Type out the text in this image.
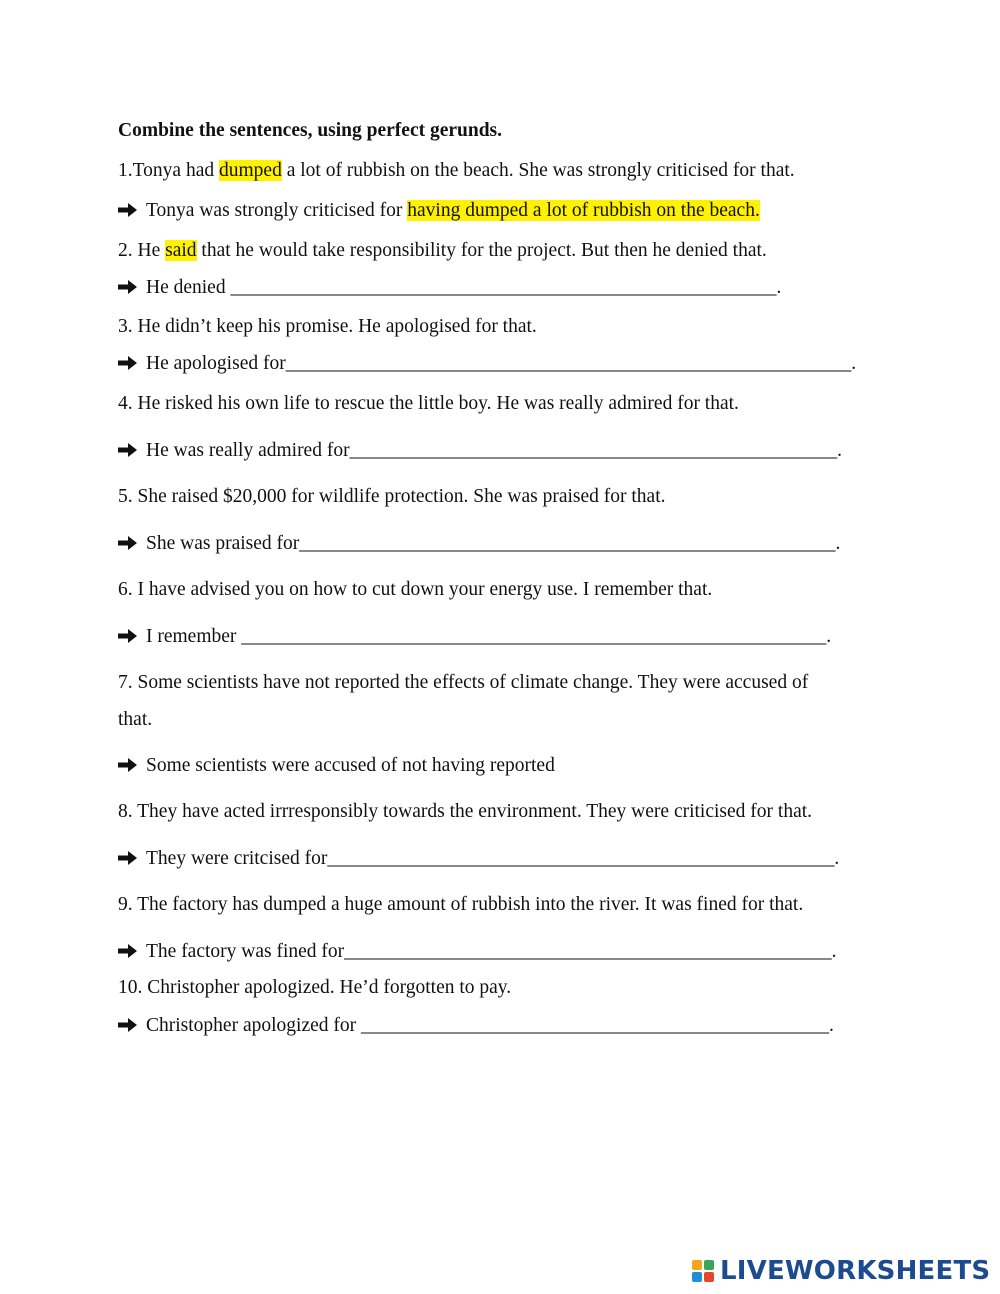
Combine the sentences, using perfect gerunds.
1.Tonya had dumped a lot of rubbish on the beach. She was strongly criticised for that.
Tonya was strongly criticised for having dumped a lot of rubbish on the beach.
2. He said that he would take responsibility for the project. But then he denied that.
He denied ________________________________________________________.
3. He didn’t keep his promise. He apologised for that.
He apologised for__________________________________________________________.
4. He risked his own life to rescue the little boy. He was really admired for that.
He was really admired for__________________________________________________.
5. She raised $20,000 for wildlife protection. She was praised for that.
She was praised for_______________________________________________________.
6. I have advised you on how to cut down your energy use. I remember that.
I remember ____________________________________________________________.
7. Some scientists have not reported the effects of climate change. They were accused of
that.
Some scientists were accused of not having reported
8. They have acted irrresponsibly towards the environment. They were criticised for that.
They were critcised for____________________________________________________.
9. The factory has dumped a huge amount of rubbish into the river. It was fined for that.
The factory was fined for__________________________________________________.
10. Christopher apologized. He’d forgotten to pay.
Christopher apologized for ________________________________________________.
LIVEWORKSHEETS
